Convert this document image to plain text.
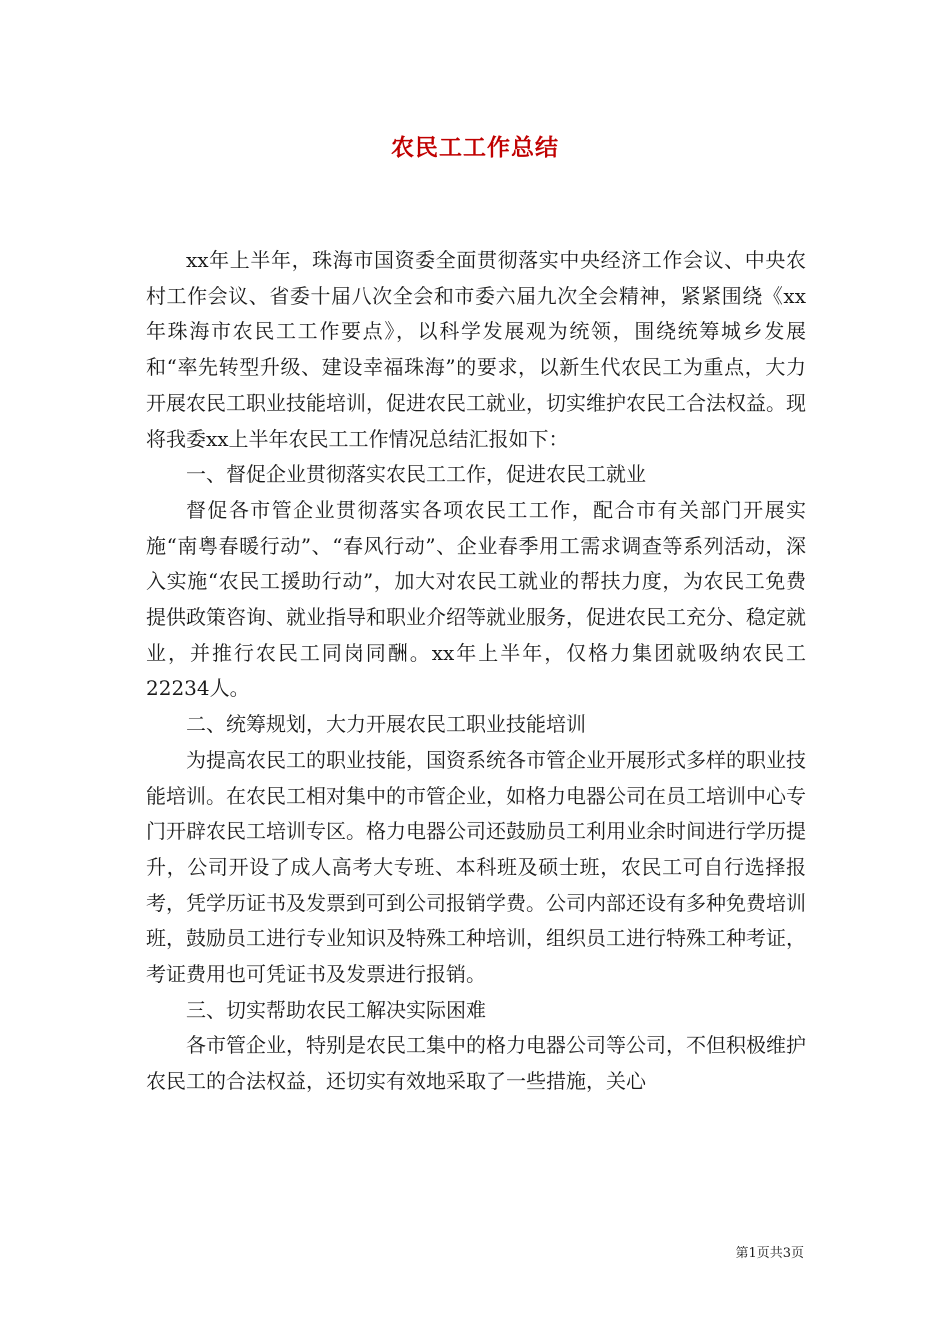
农民工工作总结

xx年上半年，珠海市国资委全面贯彻落实中央经济工作会议、中央农村工作会议、省委十届八次全会和市委六届九次全会精神，紧紧围绕《xx年珠海市农民工工作要点》，以科学发展观为统领，围绕统筹城乡发展和“率先转型升级、建设幸福珠海”的要求，以新生代农民工为重点，大力开展农民工职业技能培训，促进农民工就业，切实维护农民工合法权益。现将我委xx上半年农民工工作情况总结汇报如下：

一、督促企业贯彻落实农民工工作，促进农民工就业

督促各市管企业贯彻落实各项农民工工作，配合市有关部门开展实施“南粤春暖行动”、“春风行动”、企业春季用工需求调查等系列活动，深入实施“农民工援助行动”，加大对农民工就业的帮扶力度，为农民工免费提供政策咨询、就业指导和职业介绍等就业服务，促进农民工充分、稳定就业，并推行农民工同岗同酬。xx年上半年，仅格力集团就吸纳农民工22234人。

二、统筹规划，大力开展农民工职业技能培训

为提高农民工的职业技能，国资系统各市管企业开展形式多样的职业技能培训。在农民工相对集中的市管企业，如格力电器公司在员工培训中心专门开辟农民工培训专区。格力电器公司还鼓励员工利用业余时间进行学历提升，公司开设了成人高考大专班、本科班及硕士班，农民工可自行选择报考，凭学历证书及发票到可到公司报销学费。公司内部还设有多种免费培训班，鼓励员工进行专业知识及特殊工种培训，组织员工进行特殊工种考证，考证费用也可凭证书及发票进行报销。

三、切实帮助农民工解决实际困难

各市管企业，特别是农民工集中的格力电器公司等公司，不但积极维护农民工的合法权益，还切实有效地采取了一些措施，关心

第1页共3页
